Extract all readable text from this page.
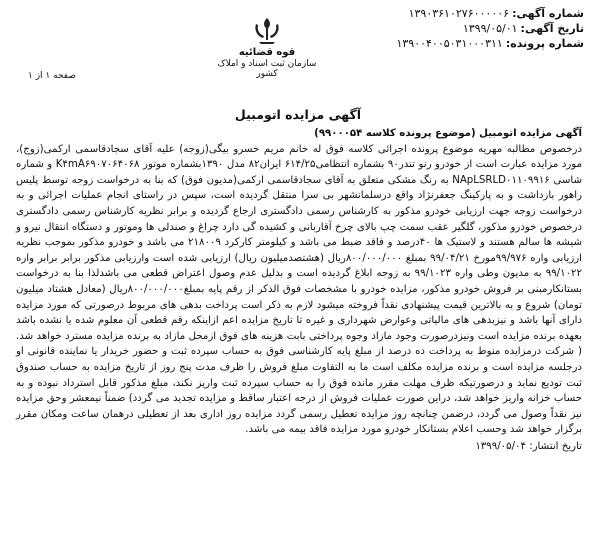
شماره آگهی:۱۳۹۰۳۶۱۰۲۷۶۰۰۰۰۰۶
تاریخ آگهی:۱۳۹۹/۰۵/۰۱
شماره پرونده:۱۳۹۰۰۴۰۰۵۰۳۱۰۰۰۳۱۱
قوه قضائیه
سازمان ثبت اسناد و املاک کشور
صفحه ۱ از ۱
آگهی مزایده اتومبیل
آگهی مزایده اتومبیل (موضوع پرونده کلاسه ۹۹۰۰۰۵۴)
درخصوص مطالبه مهریه موضوع پرونده اجرائی کلاسه فوق له خانم مریم خسرو بیگی(زوجه) علیه آقای سجادقاسمی ارکمی(زوج)، مورد مزایده عبارت است از خودرو رنو تندر۹۰ بشماره انتظامی۶۱۴/۲۵ ایران۸۲ مدل ۱۳۹۰بشماره موتور K۴mA۶۹۰۷۰۶۴۰۶۸ و شماره شاسی NApLSRLD۰۱۱۰۹۹۱۶ به رنگ مشکی متعلق به آقای سجادقاسمی ارکمی(مدیون فوق) که بنا به درخواست زوجه توسط پلیس راهور بازداشت و به پارکینگ جعفرنژاد واقع درسلمانشهر بی سرا منتقل گردیده است، سپس در راستای انجام عملیات اجرائی و به درخواست زوجه جهت ارزیابی خودرو مذکور به کارشناس رسمی دادگستری ارجاع گردیده و برابر نظریه کارشناس رسمی دادگستری درخصوص خودرو مذکور، گلگیر عقب سمت چپ بالای چرخ آقاربانی و کشیده گی دارد چراغ و صندلی ها وموتور و دستگاه انتقال نیرو و شیشه ها سالم هستند و لاستیک ها ۴۰درصد و فاقد ضبط می باشد و کیلومتر کارکرد ۲۱۸۰۰۹ می باشد و خودرو مذکور بموجب نظریه ارزیابی واره ۹۹/۹۷۶مورخ ۹۹/۰۴/۲۱ بمبلغ ۸۰۰/۰۰۰/۰۰۰ریال (هشتصدمیلیون ریال) ارزیابی شده است وارزیابی مذکور برابر برابر واره ۹۹/۱۰۲۲ به مدیون وطی واره ۹۹/۱۰۲۳ به زوجه ابلاغ گردیده است و بدلیل عدم وصول اعتراض قطعی می باشدلذا بنا به درخواست بستانکارمبنی بر فروش خودرو مذکور، مزایده خودرو با مشخصات فوق الذکر از رقم پایه بمبلغ۸۰۰/۰۰۰/۰۰۰ریال (معادل هشتاد میلیون تومان) شروع و به بالاترین قیمت پیشنهادی نقداً فروخته میشود لازم به ذکر است پرداخت بدهی های مربوط درصورتی که مورد مزایده دارای آنها باشد و نیزبدهی های مالیاتی وعوارض شهرداری و غیره تا تاریخ مزایده اعم ازاینکه رقم قطعی آن معلوم شده یا نشده باشد بعهده برنده مزایده است ونیزدرصورت وجود مازاد وجوه پرداختی بابت هزینه های فوق ازمحل مازاد به برنده مزایده مسترد خواهد شد. ( شرکت درمزایده منوط به پرداخت ده درصد از مبلغ پایه کارشناسی فوق به حساب سپرده ثبت و حضور خریدار یا نماینده قانونی او درجلسه مزایده است و برنده مزایده مکلف است ما به التفاوت مبلغ فروش را ظرف مدت پنج روز از تاریخ مزایده به حساب صندوق ثبت تودیع نماید و درصورتیکه ظرف مهلت مقرر مانده فوق را به حساب سپرده ثبت واریز نکند، مبلغ مذکور قابل استرداد نبوده و به حساب خزانه واریز خواهد شد، دراین صورت عملیات فروش از درجه اعتبار ساقط و مزایده تجدید می گردد) ضمناً نیمعشر وحق مزایده نیز نقداً وصول می گردد، درضمن چنانچه روز مزایده تعطیل رسمی گردد مزایده روز اداری بعد از تعطیلی درهمان ساعت ومکان مقرر برگزار خواهد شد وحسب اعلام بستانکار خودرو مورد مزایده فاقد بیمه می باشد.
تاریخ انتشار: ۱۳۹۹/۰۵/۰۴
